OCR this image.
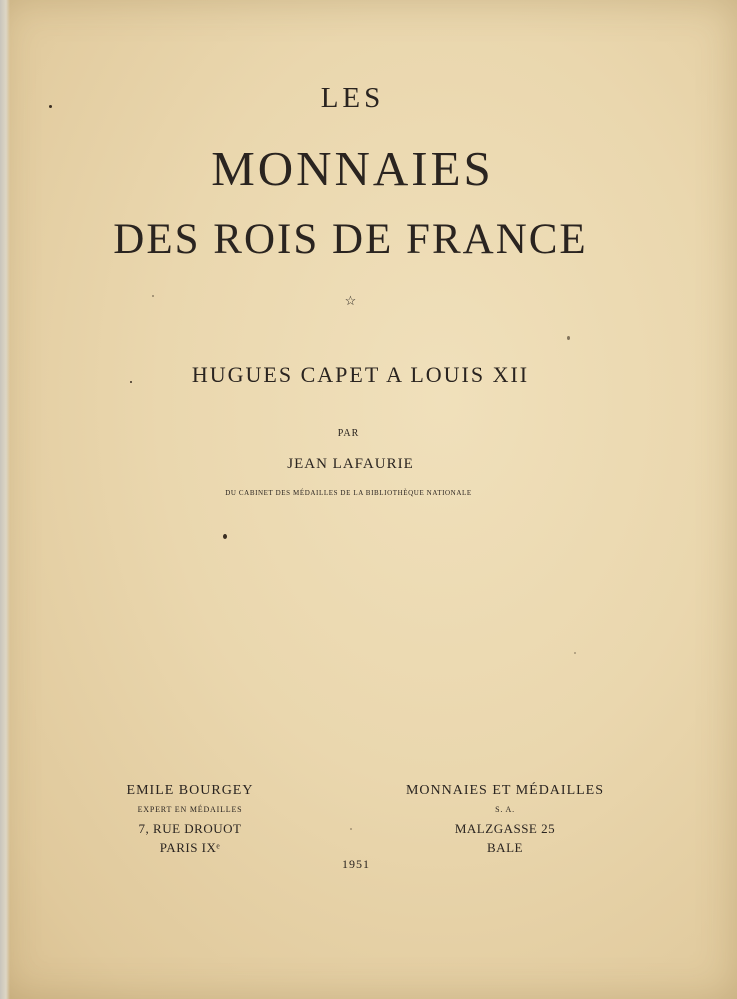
LES
MONNAIES
DES ROIS DE FRANCE
☆
HUGUES CAPET A LOUIS XII
PAR
JEAN LAFAURIE
DU CABINET DES MÉDAILLES DE LA BIBLIOTHÈQUE NATIONALE
EMILE BOURGEY
EXPERT EN MÉDAILLES
7, RUE DROUOT
PARIS IXᵉ
MONNAIES ET MÉDAILLES
S. A.
MALZGASSE 25
BALE
1951
